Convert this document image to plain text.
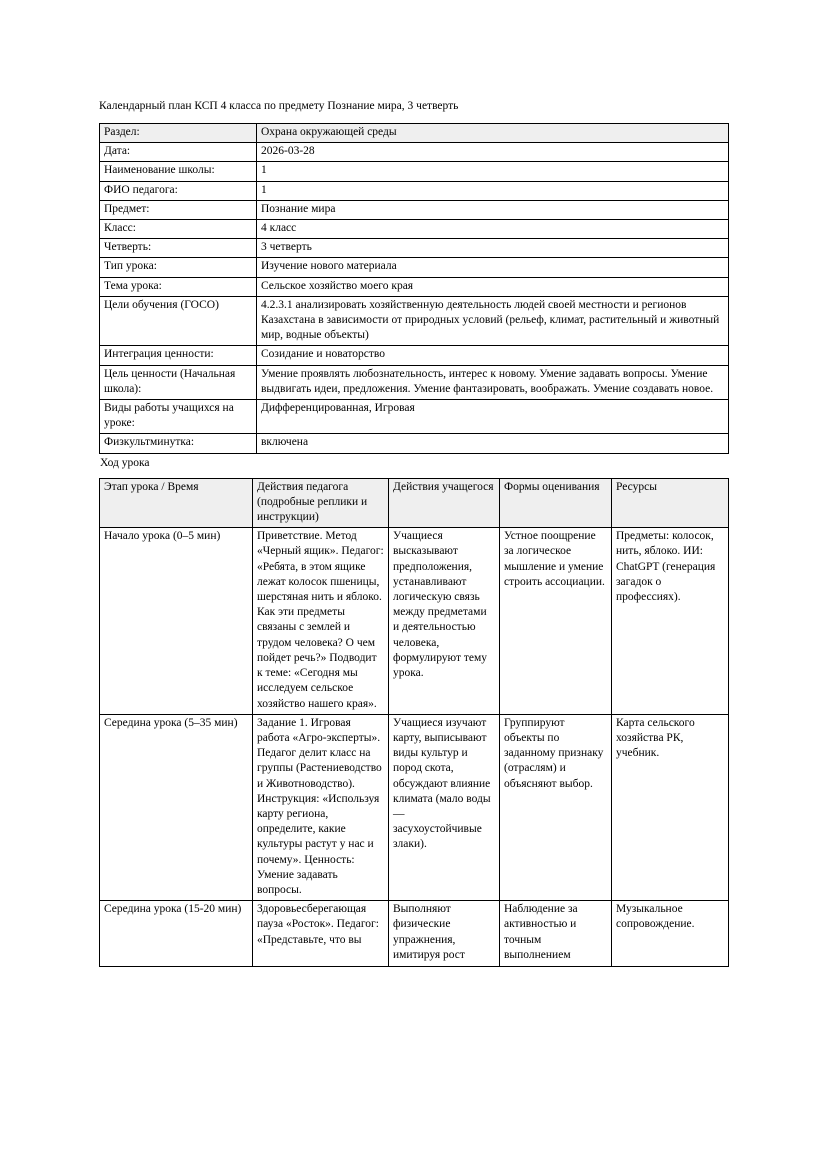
Календарный план КСП 4 класса по предмету Познание мира, 3 четверть

Раздел:	Охрана окружающей среды
Дата:	2026-03-28
Наименование школы:	1
ФИО педагога:	1
Предмет:	Познание мира
Класс:	4 класс
Четверть:	3 четверть
Тип урока:	Изучение нового материала
Тема урока:	Сельское хозяйство моего края
Цели обучения (ГОСО)	4.2.3.1 анализировать хозяйственную деятельность людей своей местности и регионов Казахстана в зависимости от природных условий (рельеф, климат, растительный и животный мир, водные объекты)
Интеграция ценности:	Созидание и новаторство
Цель ценности (Начальная школа):	Умение проявлять любознательность, интерес к новому. Умение задавать вопросы. Умение выдвигать идеи, предложения. Умение фантазировать, воображать. Умение создавать новое.
Виды работы учащихся на уроке:	Дифференцированная, Игровая
Физкультминутка:	включена

Ход урока

Этап урока / Время	Действия педагога (подробные реплики и инструкции)	Действия учащегося	Формы оценивания	Ресурсы
Начало урока (0–5 мин)	Приветствие. Метод «Черный ящик». Педагог: «Ребята, в этом ящике лежат колосок пшеницы, шерстяная нить и яблоко. Как эти предметы связаны с землей и трудом человека? О чем пойдет речь?» Подводит к теме: «Сегодня мы исследуем сельское хозяйство нашего края».	Учащиеся высказывают предположения, устанавливают логическую связь между предметами и деятельностью человека, формулируют тему урока.	Устное поощрение за логическое мышление и умение строить ассоциации.	Предметы: колосок, нить, яблоко. ИИ: ChatGPT (генерация загадок о профессиях).
Середина урока (5–35 мин)	Задание 1. Игровая работа «Агро-эксперты». Педагог делит класс на группы (Растениеводство и Животноводство). Инструкция: «Используя карту региона, определите, какие культуры растут у нас и почему». Ценность: Умение задавать вопросы.	Учащиеся изучают карту, выписывают виды культур и пород скота, обсуждают влияние климата (мало воды — засухоустойчивые злаки).	Группируют объекты по заданному признаку (отраслям) и объясняют выбор.	Карта сельского хозяйства РК, учебник.
Середина урока (15-20 мин)	Здоровьесберегающая пауза «Росток». Педагог: «Представьте, что вы	Выполняют физические упражнения, имитируя рост	Наблюдение за активностью и точным выполнением	Музыкальное сопровождение.
